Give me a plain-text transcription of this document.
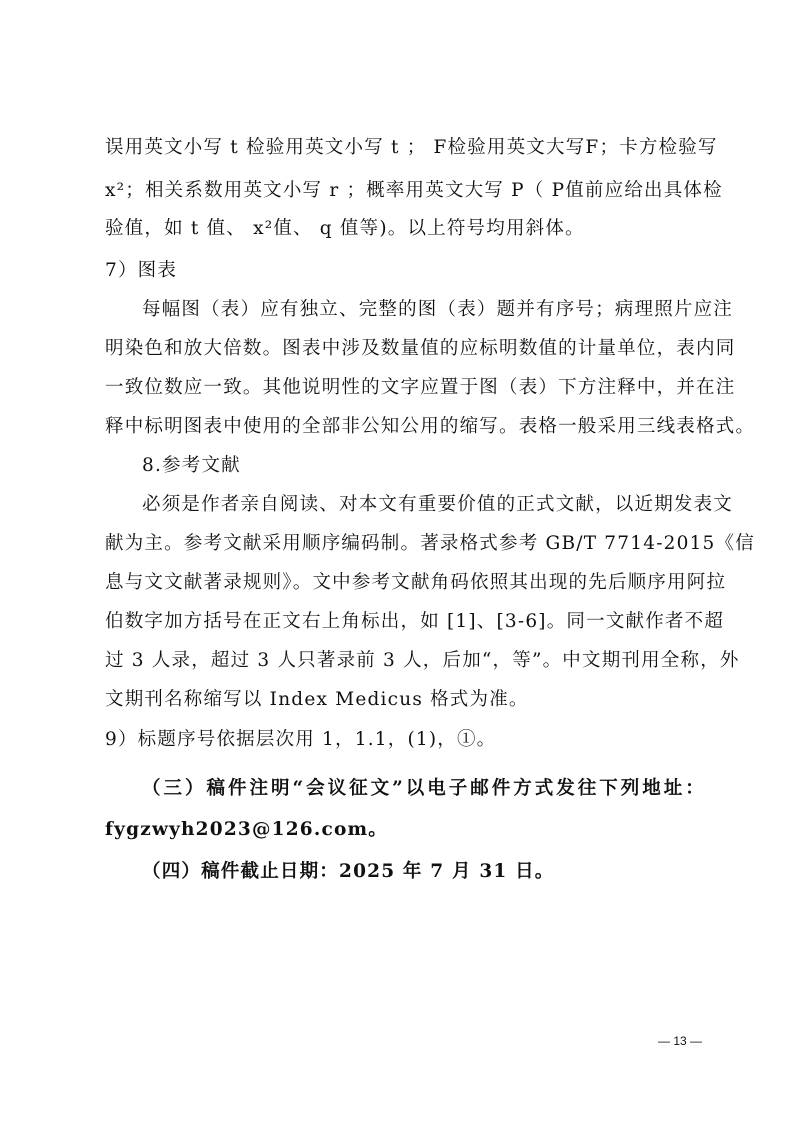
误用英文小写 t 检验用英文小写 t ； F检验用英文大写F；卡方检验写
x²；相关系数用英文小写 r ；概率用英文大写 P（ P值前应给出具体检
验值，如 t 值、 x²值、 q 值等)。以上符号均用斜体。
7）图表
每幅图（表）应有独立、完整的图（表）题并有序号；病理照片应注
明染色和放大倍数。图表中涉及数量值的应标明数值的计量单位，表内同
一致位数应一致。其他说明性的文字应置于图（表）下方注释中，并在注
释中标明图表中使用的全部非公知公用的缩写。表格一般采用三线表格式。
8.参考文献
必须是作者亲自阅读、对本文有重要价值的正式文献，以近期发表文
献为主。参考文献采用顺序编码制。著录格式参考 GB/T 7714-2015《信
息与文文献著录规则》。文中参考文献角码依照其出现的先后顺序用阿拉
伯数字加方括号在正文右上角标出，如 [1]、[3-6]。同一文献作者不超
过 3 人录，超过 3 人只著录前 3 人，后加“，等”。中文期刊用全称，外
文期刊名称缩写以 Index Medicus 格式为准。
9）标题序号依据层次用 1，1.1，(1)，①。
（三）稿件注明“会议征文”以电子邮件方式发往下列地址：
fygzwyh2023@126.com。
（四）稿件截止日期：2025 年 7 月 31 日。
— 13 —
